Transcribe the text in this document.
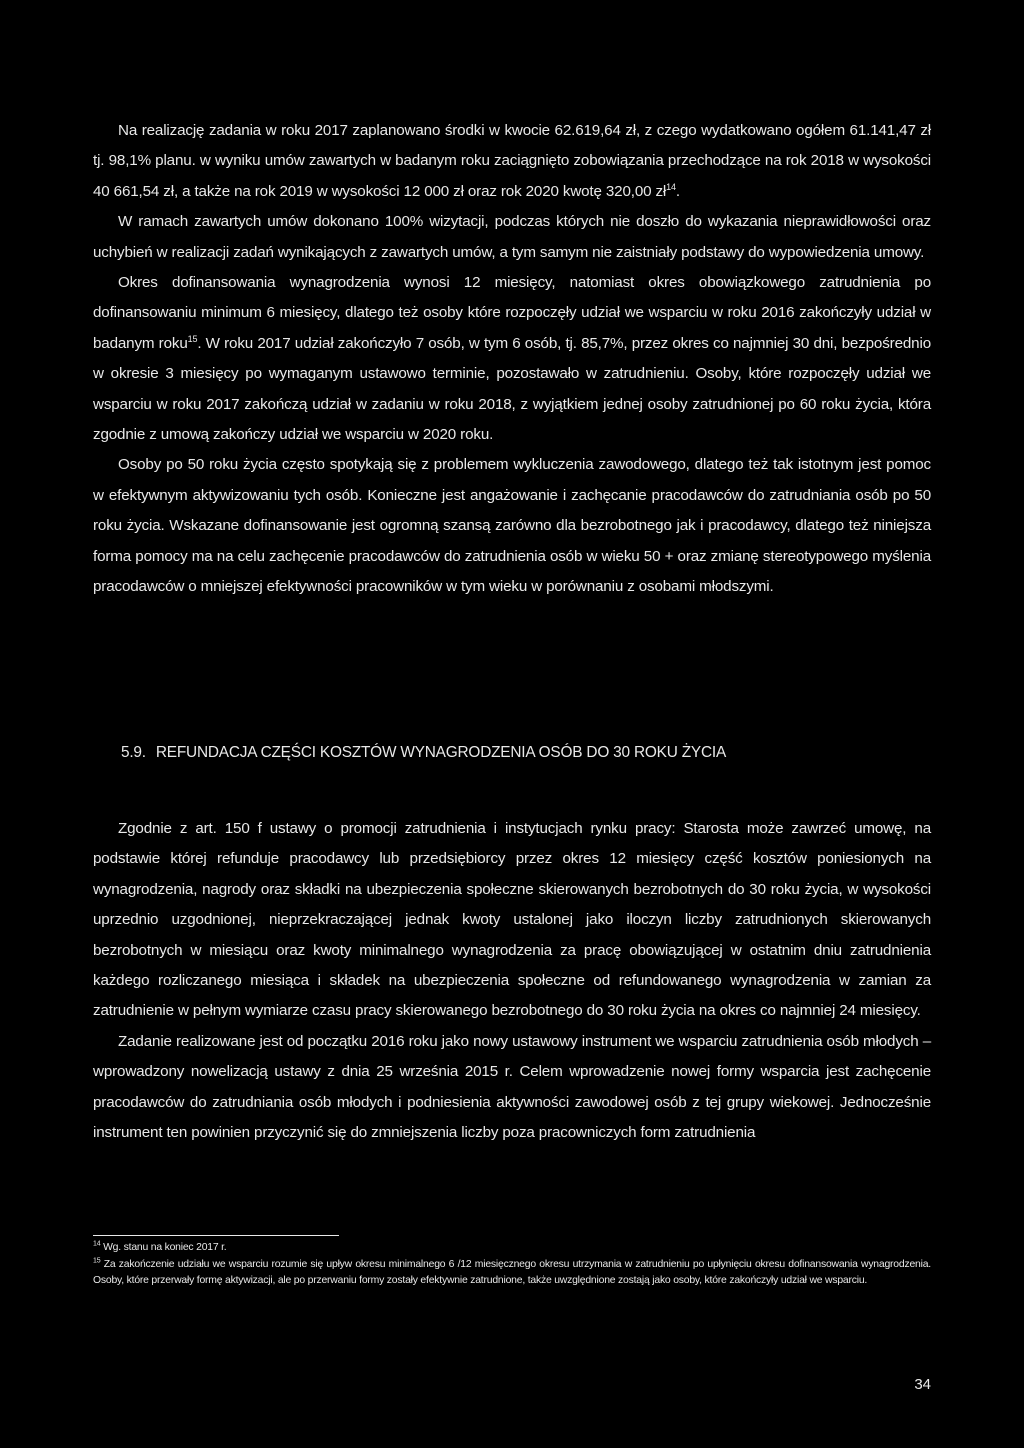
Na realizację zadania w roku 2017 zaplanowano środki w kwocie 62.619,64 zł, z czego wydatkowano ogółem 61.141,47 zł tj. 98,1% planu. w wyniku umów zawartych w badanym roku zaciągnięto zobowiązania przechodzące na rok 2018 w wysokości 40 661,54 zł, a także na rok 2019 w wysokości 12 000 zł oraz rok 2020 kwotę 320,00 $zł^{14}$.

W ramach zawartych umów dokonano 100% wizytacji, podczas których nie doszło do wykazania nieprawidłowości oraz uchybień w realizacji zadań wynikających z zawartych umów, a tym samym nie zaistniały podstawy do wypowiedzenia umowy.

Okres dofinansowania wynagrodzenia wynosi 12 miesięcy, natomiast okres obowiązkowego zatrudnienia po dofinansowaniu minimum 6 miesięcy, dlatego też osoby które rozpoczęły udział we wsparciu w roku 2016 zakończyły udział w badanym roku$^{15}$. W roku 2017 udział zakończyło 7 osób, w tym 6 osób, tj. 85,7%, przez okres co najmniej 30 dni, bezpośrednio w okresie 3 miesięcy po wymaganym ustawowo terminie, pozostawało w zatrudnieniu. Osoby, które rozpoczęły udział we wsparciu w roku 2017 zakończą udział w zadaniu w roku 2018, z wyjątkiem jednej osoby zatrudnionej po 60 roku życia, która zgodnie z umową zakończy udział we wsparciu w 2020 roku.

Osoby po 50 roku życia często spotykają się z problemem wykluczenia zawodowego, dlatego też tak istotnym jest pomoc w efektywnym aktywizowaniu tych osób. Konieczne jest angażowanie i zachęcanie pracodawców do zatrudniania osób po 50 roku życia. Wskazane dofinansowanie jest ogromną szansą zarówno dla bezrobotnego jak i pracodawcy, dlatego też niniejsza forma pomocy ma na celu zachęcenie pracodawców do zatrudnienia osób w wieku 50 + oraz zmianę stereotypowego myślenia pracodawców o mniejszej efektywności pracowników w tym wieku w porównaniu z osobami młodszymi.

5.9. REFUNDACJA CZĘŚCI KOSZTÓW WYNAGRODZENIA OSÓB DO 30 ROKU ŻYCIA

Zgodnie z art. 150 f ustawy o promocji zatrudnienia i instytucjach rynku pracy: Starosta może zawrzeć umowę, na podstawie której refunduje pracodawcy lub przedsiębiorcy przez okres 12 miesięcy część kosztów poniesionych na wynagrodzenia, nagrody oraz składki na ubezpieczenia społeczne skierowanych bezrobotnych do 30 roku życia, w wysokości uprzednio uzgodnionej, nieprzekraczającej jednak kwoty ustalonej jako iloczyn liczby zatrudnionych skierowanych bezrobotnych w miesiącu oraz kwoty minimalnego wynagrodzenia za pracę obowiązującej w ostatnim dniu zatrudnienia każdego rozliczanego miesiąca i składek na ubezpieczenia społeczne od refundowanego wynagrodzenia w zamian za zatrudnienie w pełnym wymiarze czasu pracy skierowanego bezrobotnego do 30 roku życia na okres co najmniej 24 miesięcy.

Zadanie realizowane jest od początku 2016 roku jako nowy ustawowy instrument we wsparciu zatrudnienia osób młodych – wprowadzony nowelizacją ustawy z dnia 25 września 2015 r. Celem wprowadzenie nowej formy wsparcia jest zachęcenie pracodawców do zatrudniania osób młodych i podniesienia aktywności zawodowej osób z tej grupy wiekowej. Jednocześnie instrument ten powinien przyczynić się do zmniejszenia liczby poza pracowniczych form zatrudnienia

$^{14}$ Wg. stanu na koniec 2017 r.

$^{15}$ Za zakończenie udziału we wsparciu rozumie się upływ okresu minimalnego 6 /12 miesięcznego okresu utrzymania w zatrudnieniu po upłynięciu okresu dofinansowania wynagrodzenia. Osoby, które przerwały formę aktywizacji, ale po przerwaniu formy zostały efektywnie zatrudnione, także uwzględnione zostają jako osoby, które zakończyły udział we wsparciu.

34
